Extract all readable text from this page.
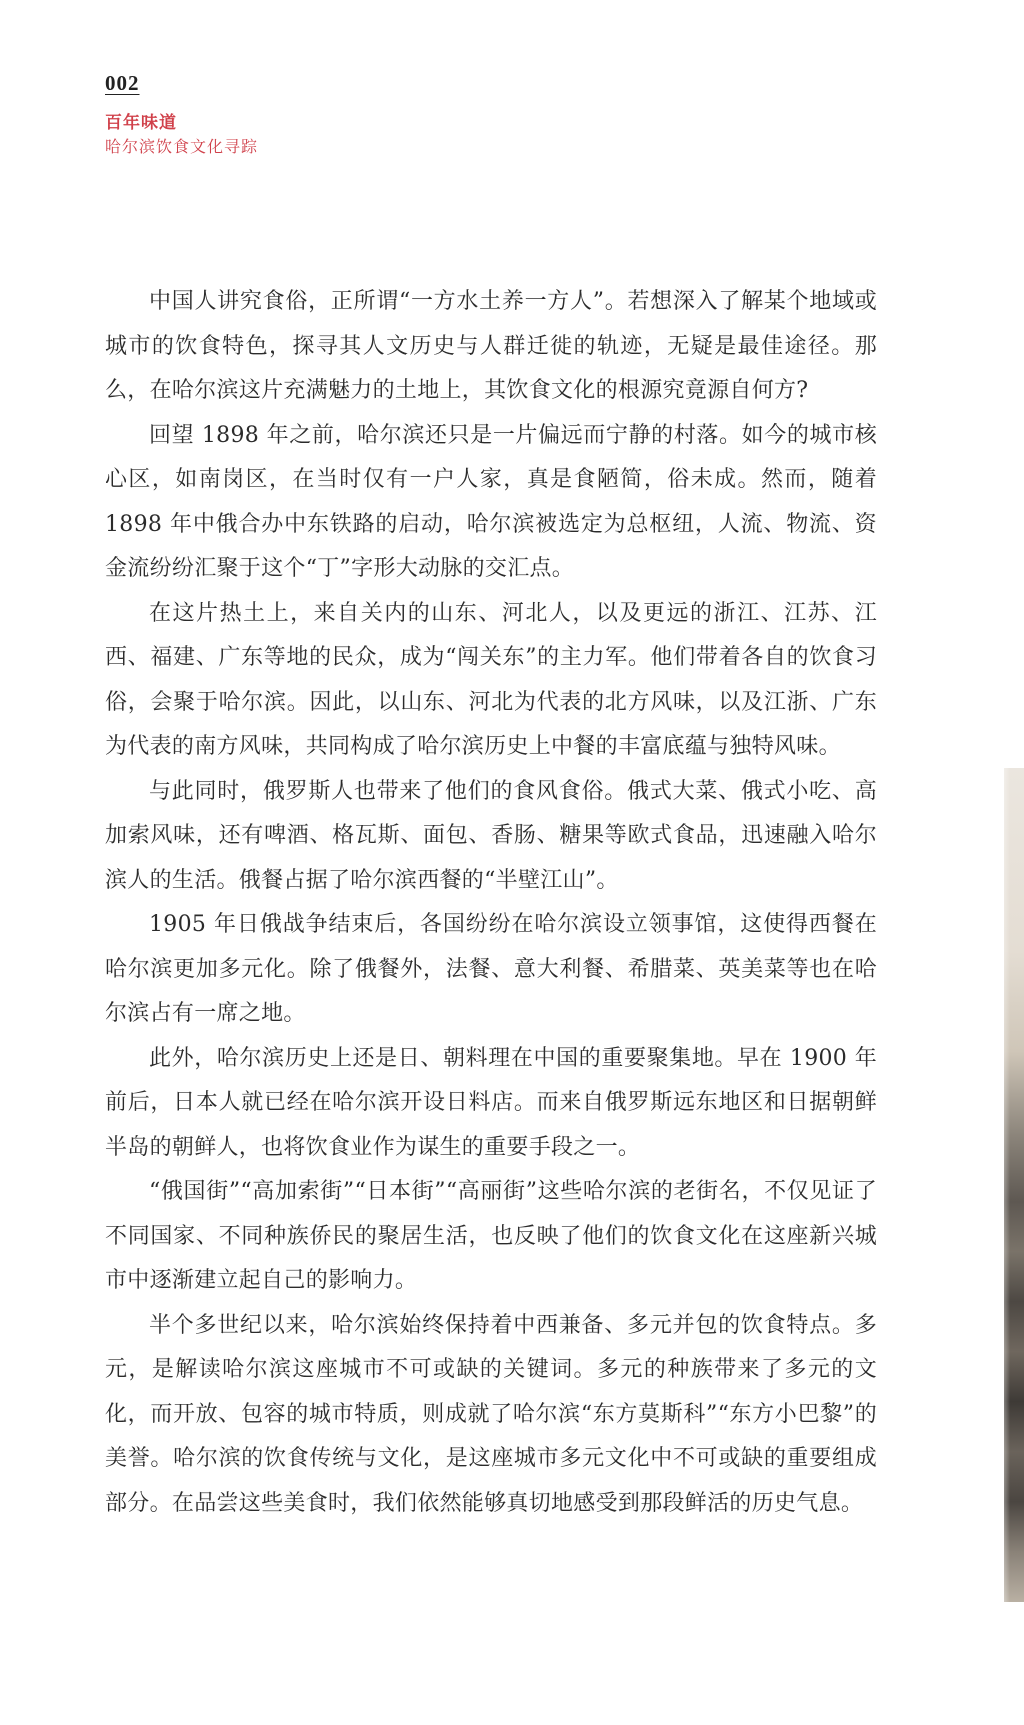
002
百年味道
哈尔滨饮食文化寻踪

中国人讲究食俗，正所谓“一方水土养一方人”。若想深入了解某个地域或城市的饮食特色，探寻其人文历史与人群迁徙的轨迹，无疑是最佳途径。那么，在哈尔滨这片充满魅力的土地上，其饮食文化的根源究竟源自何方?

回望 1898 年之前，哈尔滨还只是一片偏远而宁静的村落。如今的城市核心区，如南岗区，在当时仅有一户人家，真是食陋简，俗未成。然而，随着 1898 年中俄合办中东铁路的启动，哈尔滨被选定为总枢纽，人流、物流、资金流纷纷汇聚于这个“丁”字形大动脉的交汇点。

在这片热土上，来自关内的山东、河北人，以及更远的浙江、江苏、江西、福建、广东等地的民众，成为“闯关东”的主力军。他们带着各自的饮食习俗，会聚于哈尔滨。因此，以山东、河北为代表的北方风味，以及江浙、广东为代表的南方风味，共同构成了哈尔滨历史上中餐的丰富底蕴与独特风味。

与此同时，俄罗斯人也带来了他们的食风食俗。俄式大菜、俄式小吃、高加索风味，还有啤酒、格瓦斯、面包、香肠、糖果等欧式食品，迅速融入哈尔滨人的生活。俄餐占据了哈尔滨西餐的“半壁江山”。

1905 年日俄战争结束后，各国纷纷在哈尔滨设立领事馆，这使得西餐在哈尔滨更加多元化。除了俄餐外，法餐、意大利餐、希腊菜、英美菜等也在哈尔滨占有一席之地。

此外，哈尔滨历史上还是日、朝料理在中国的重要聚集地。早在 1900 年前后，日本人就已经在哈尔滨开设日料店。而来自俄罗斯远东地区和日据朝鲜半岛的朝鲜人，也将饮食业作为谋生的重要手段之一。

“俄国街”“高加索街”“日本街”“高丽街”这些哈尔滨的老街名，不仅见证了不同国家、不同种族侨民的聚居生活，也反映了他们的饮食文化在这座新兴城市中逐渐建立起自己的影响力。

半个多世纪以来，哈尔滨始终保持着中西兼备、多元并包的饮食特点。多元，是解读哈尔滨这座城市不可或缺的关键词。多元的种族带来了多元的文化，而开放、包容的城市特质，则成就了哈尔滨“东方莫斯科”“东方小巴黎”的美誉。哈尔滨的饮食传统与文化，是这座城市多元文化中不可或缺的重要组成部分。在品尝这些美食时，我们依然能够真切地感受到那段鲜活的历史气息。
